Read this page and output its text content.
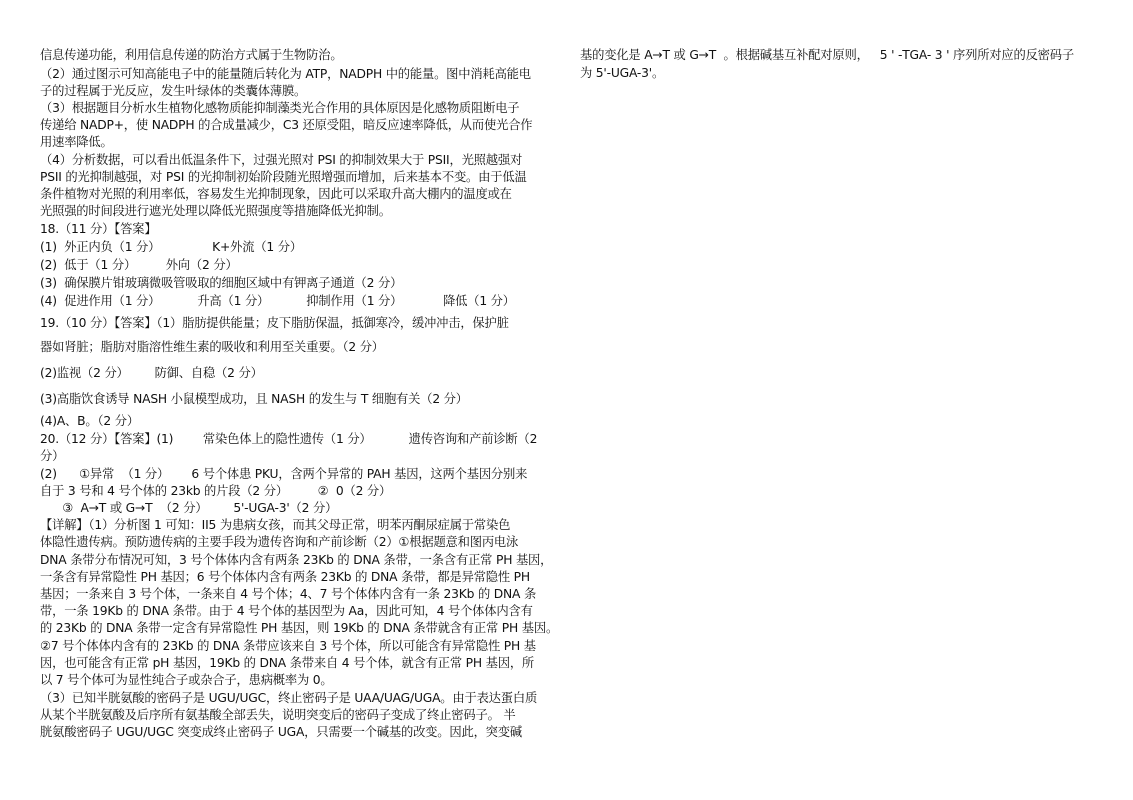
信息传递功能，利用信息传递的防治方式属于生物防治。
（2）通过图示可知高能电子中的能量随后转化为 ATP，NADPH 中的能量。图中消耗高能电
子的过程属于光反应，发生叶绿体的类囊体薄膜。
（3）根据题目分析水生植物化感物质能抑制藻类光合作用的具体原因是化感物质阻断电子
传递给 NADP+，使 NADPH 的合成量减少，C3 还原受阻，暗反应速率降低，从而使光合作
用速率降低。
（4）分析数据，可以看出低温条件下，过强光照对 PSI 的抑制效果大于 PSII，光照越强对
PSII 的光抑制越强，对 PSI 的光抑制初始阶段随光照增强而增加，后来基本不变。由于低温
条件植物对光照的利用率低，容易发生光抑制现象，因此可以采取升高大棚内的温度或在
光照强的时间段进行遮光处理以降低光照强度等措施降低光抑制。
18.（11 分）【答案】
(1)  外正内负（1 分）              K+外流（1 分）
(2)  低于（1 分）        外向（2 分）
(3)  确保膜片钳玻璃微吸管吸取的细胞区域中有钾离子通道（2 分）
(4)  促进作用（1 分）          升高（1 分）          抑制作用（1 分）           降低（1 分）
19.（10 分）【答案】（1）脂肪提供能量；皮下脂肪保温，抵御寒冷，缓冲冲击，保护脏
器如肾脏；脂肪对脂溶性维生素的吸收和利用至关重要。（2 分）
(2)监视（2 分）       防御、自稳（2 分）
(3)高脂饮食诱导 NASH 小鼠模型成功，且 NASH 的发生与 T 细胞有关（2 分）
(4)A、B。（2 分）
20.（12 分）【答案】(1)        常染色体上的隐性遗传（1 分）          遗传咨询和产前诊断（2
分）
(2)      ①异常  （1 分）      6 号个体患 PKU，含两个异常的 PAH 基因，这两个基因分别来
自于 3 号和 4 号个体的 23kb 的片段（2 分）        ②  0（2 分）
③  A→T 或 G→T  （2 分）       5'-UGA-3'（2 分）
【详解】（1）分析图 1 可知：II5 为患病女孩，而其父母正常，明苯丙酮尿症属于常染色
体隐性遗传病。预防遗传病的主要手段为遗传咨询和产前诊断（2）①根据题意和图丙电泳
DNA 条带分布情况可知，3 号个体体内含有两条 23Kb 的 DNA 条带，一条含有正常 PH 基因，
一条含有异常隐性 PH 基因；6 号个体体内含有两条 23Kb 的 DNA 条带，都是异常隐性 PH
基因；一条来自 3 号个体，一条来自 4 号个体；4、7 号个体体内含有一条 23Kb 的 DNA 条
带，一条 19Kb 的 DNA 条带。由于 4 号个体的基因型为 Aa，因此可知，4 号个体体内含有
的 23Kb 的 DNA 条带一定含有异常隐性 PH 基因，则 19Kb 的 DNA 条带就含有正常 PH 基因。
②7 号个体体内含有的 23Kb 的 DNA 条带应该来自 3 号个体，所以可能含有异常隐性 PH 基
因，也可能含有正常 pH 基因，19Kb 的 DNA 条带来自 4 号个体，就含有正常 PH 基因，所
以 7 号个体可为显性纯合子或杂合子，患病概率为 0。
（3）已知半胱氨酸的密码子是 UGU/UGC，终止密码子是 UAA/UAG/UGA。由于表达蛋白质
从某个半胱氨酸及后序所有氨基酸全部丢失，说明突变后的密码子变成了终止密码子。 半
胱氨酸密码子 UGU/UGC 突变成终止密码子 UGA，只需要一个碱基的改变。因此，突变碱
基的变化是 A→T 或 G→T  。根据碱基互补配对原则，   5 ' -TGA- 3 ' 序列所对应的反密码子
为 5'-UGA-3'。
